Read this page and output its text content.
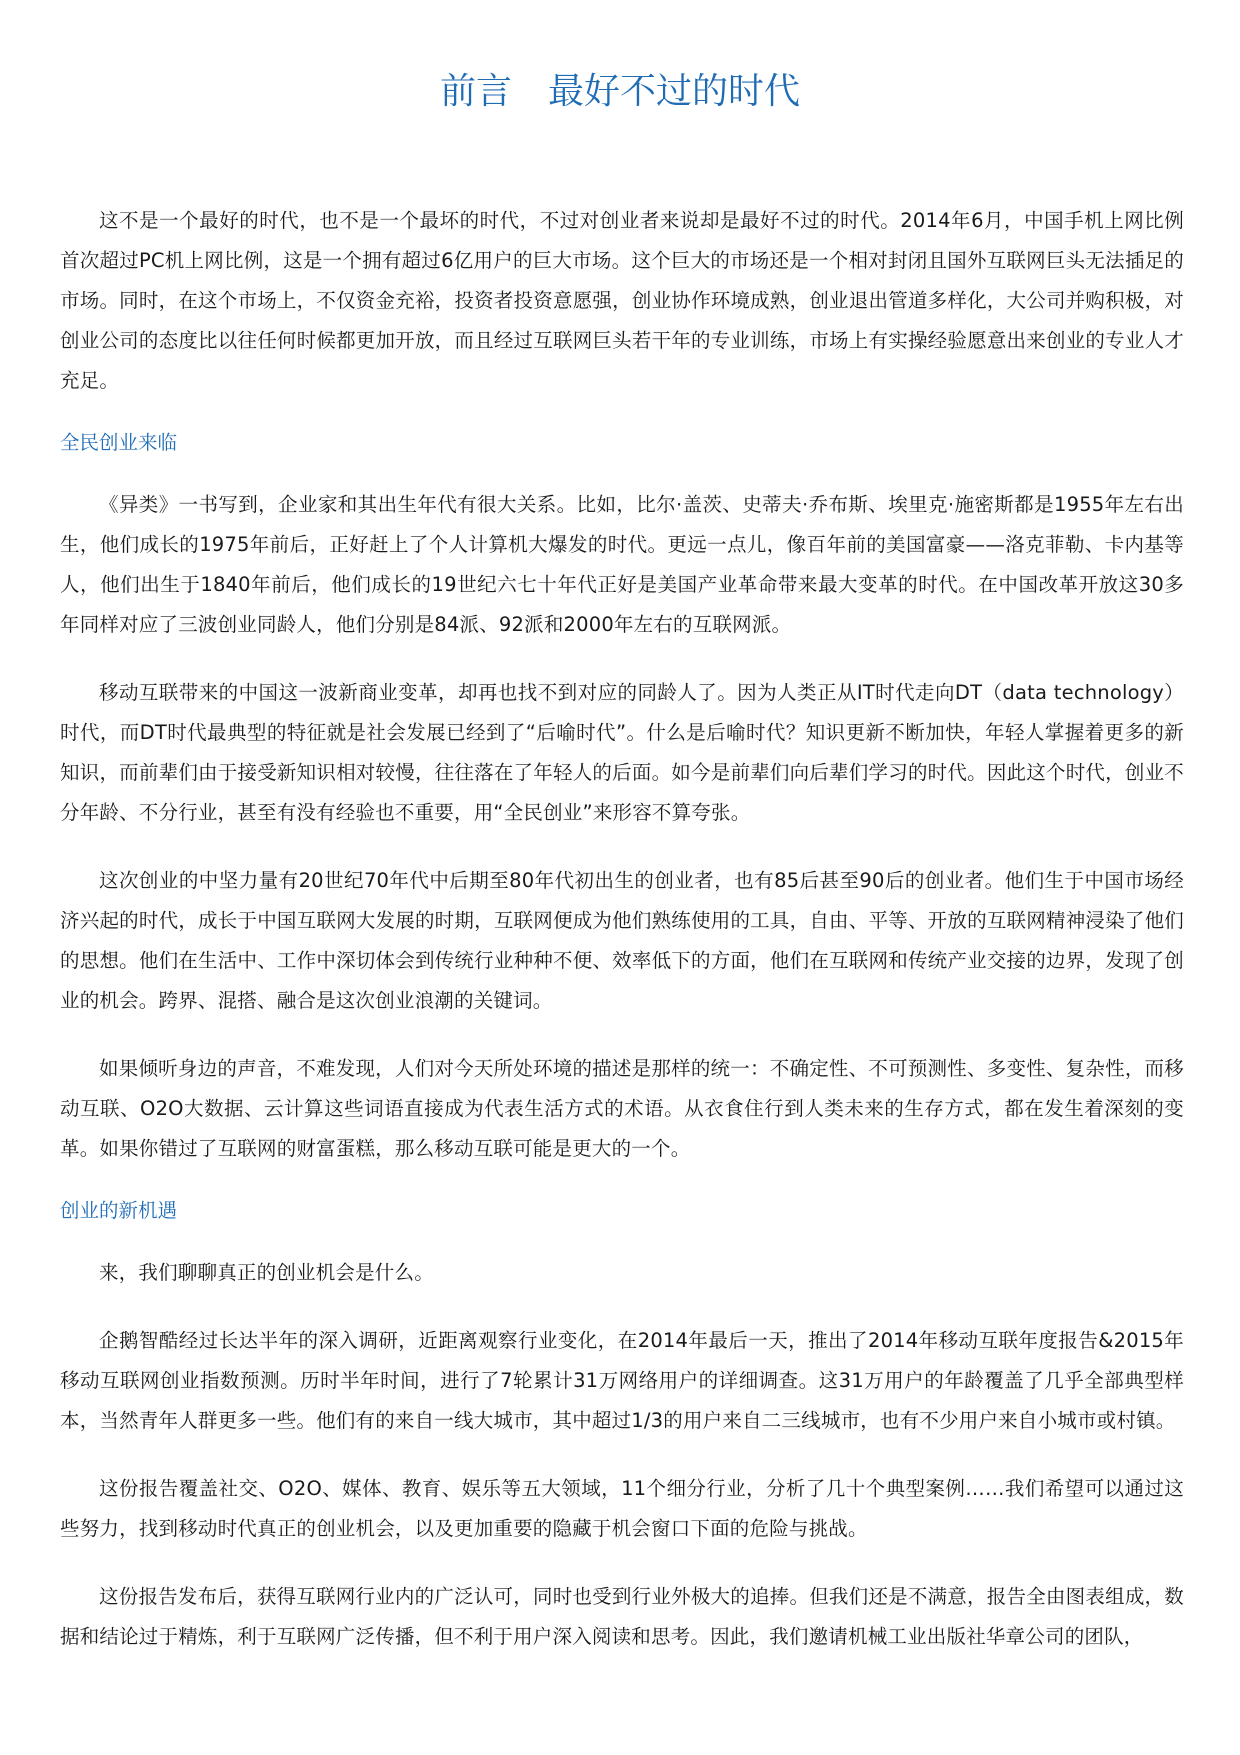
前言　最好不过的时代

这不是一个最好的时代，也不是一个最坏的时代，不过对创业者来说却是最好不过的时代。2014年6月，中国手机上网比例首次超过PC机上网比例，这是一个拥有超过6亿用户的巨大市场。这个巨大的市场还是一个相对封闭且国外互联网巨头无法插足的市场。同时，在这个市场上，不仅资金充裕，投资者投资意愿强，创业协作环境成熟，创业退出管道多样化，大公司并购积极，对创业公司的态度比以往任何时候都更加开放，而且经过互联网巨头若干年的专业训练，市场上有实操经验愿意出来创业的专业人才充足。

全民创业来临

《异类》一书写到，企业家和其出生年代有很大关系。比如，比尔·盖茨、史蒂夫·乔布斯、埃里克·施密斯都是1955年左右出生，他们成长的1975年前后，正好赶上了个人计算机大爆发的时代。更远一点儿，像百年前的美国富豪——洛克菲勒、卡内基等人，他们出生于1840年前后，他们成长的19世纪六七十年代正好是美国产业革命带来最大变革的时代。在中国改革开放这30多年同样对应了三波创业同龄人，他们分别是84派、92派和2000年左右的互联网派。

移动互联带来的中国这一波新商业变革，却再也找不到对应的同龄人了。因为人类正从IT时代走向DT（data technology）时代，而DT时代最典型的特征就是社会发展已经到了“后喻时代”。什么是后喻时代？知识更新不断加快，年轻人掌握着更多的新知识，而前辈们由于接受新知识相对较慢，往往落在了年轻人的后面。如今是前辈们向后辈们学习的时代。因此这个时代，创业不分年龄、不分行业，甚至有没有经验也不重要，用“全民创业”来形容不算夸张。

这次创业的中坚力量有20世纪70年代中后期至80年代初出生的创业者，也有85后甚至90后的创业者。他们生于中国市场经济兴起的时代，成长于中国互联网大发展的时期，互联网便成为他们熟练使用的工具，自由、平等、开放的互联网精神浸染了他们的思想。他们在生活中、工作中深切体会到传统行业种种不便、效率低下的方面，他们在互联网和传统产业交接的边界，发现了创业的机会。跨界、混搭、融合是这次创业浪潮的关键词。

如果倾听身边的声音，不难发现，人们对今天所处环境的描述是那样的统一：不确定性、不可预测性、多变性、复杂性，而移动互联、O2O大数据、云计算这些词语直接成为代表生活方式的术语。从衣食住行到人类未来的生存方式，都在发生着深刻的变革。如果你错过了互联网的财富蛋糕，那么移动互联可能是更大的一个。

创业的新机遇

来，我们聊聊真正的创业机会是什么。

企鹅智酷经过长达半年的深入调研，近距离观察行业变化，在2014年最后一天，推出了2014年移动互联年度报告&2015年移动互联网创业指数预测。历时半年时间，进行了7轮累计31万网络用户的详细调查。这31万用户的年龄覆盖了几乎全部典型样本，当然青年人群更多一些。他们有的来自一线大城市，其中超过1/3的用户来自二三线城市，也有不少用户来自小城市或村镇。

这份报告覆盖社交、O2O、媒体、教育、娱乐等五大领域，11个细分行业，分析了几十个典型案例……我们希望可以通过这些努力，找到移动时代真正的创业机会，以及更加重要的隐藏于机会窗口下面的危险与挑战。

这份报告发布后，获得互联网行业内的广泛认可，同时也受到行业外极大的追捧。但我们还是不满意，报告全由图表组成，数据和结论过于精炼，利于互联网广泛传播，但不利于用户深入阅读和思考。因此，我们邀请机械工业出版社华章公司的团队，
